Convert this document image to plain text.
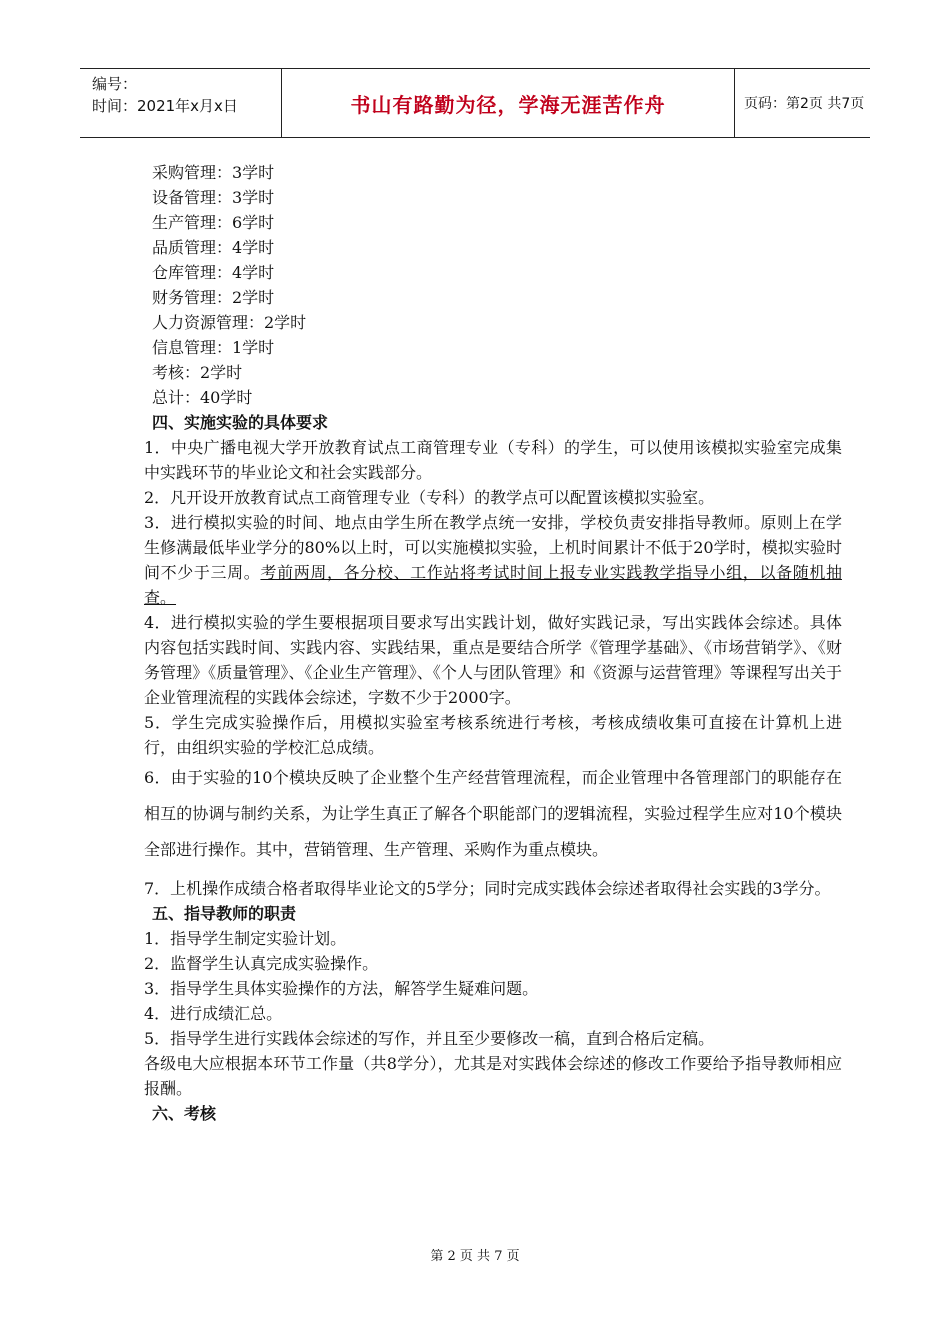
编号：
时间：2021年x月x日	书山有路勤为径，学海无涯苦作舟	页码：第2页 共7页
采购管理：3学时
设备管理：3学时
生产管理：6学时
品质管理：4学时
仓库管理：4学时
财务管理：2学时
人力资源管理：2学时
信息管理：1学时
考核：2学时
总计：40学时
四、实施实验的具体要求
1．中央广播电视大学开放教育试点工商管理专业（专科）的学生，可以使用该模拟实验室完成集中实践环节的毕业论文和社会实践部分。
2．凡开设开放教育试点工商管理专业（专科）的教学点可以配置该模拟实验室。
3．进行模拟实验的时间、地点由学生所在教学点统一安排，学校负责安排指导教师。原则上在学生修满最低毕业学分的80%以上时，可以实施模拟实验，上机时间累计不低于20学时，模拟实验时间不少于三周。考前两周，各分校、工作站将考试时间上报专业实践教学指导小组，以备随机抽查。
4．进行模拟实验的学生要根据项目要求写出实践计划，做好实践记录，写出实践体会综述。具体内容包括实践时间、实践内容、实践结果，重点是要结合所学《管理学基础》、《市场营销学》、《财务管理》《质量管理》、《企业生产管理》、《个人与团队管理》和《资源与运营管理》等课程写出关于企业管理流程的实践体会综述，字数不少于2000字。
5．学生完成实验操作后，用模拟实验室考核系统进行考核，考核成绩收集可直接在计算机上进行，由组织实验的学校汇总成绩。
6．由于实验的10个模块反映了企业整个生产经营管理流程，而企业管理中各管理部门的职能存在相互的协调与制约关系，为让学生真正了解各个职能部门的逻辑流程，实验过程学生应对10个模块全部进行操作。其中，营销管理、生产管理、采购作为重点模块。
7．上机操作成绩合格者取得毕业论文的5学分；同时完成实践体会综述者取得社会实践的3学分。
五、指导教师的职责
1．指导学生制定实验计划。
2．监督学生认真完成实验操作。
3．指导学生具体实验操作的方法，解答学生疑难问题。
4．进行成绩汇总。
5．指导学生进行实践体会综述的写作，并且至少要修改一稿，直到合格后定稿。
各级电大应根据本环节工作量（共8学分），尤其是对实践体会综述的修改工作要给予指导教师相应报酬。
六、考核
第 2 页 共 7 页
